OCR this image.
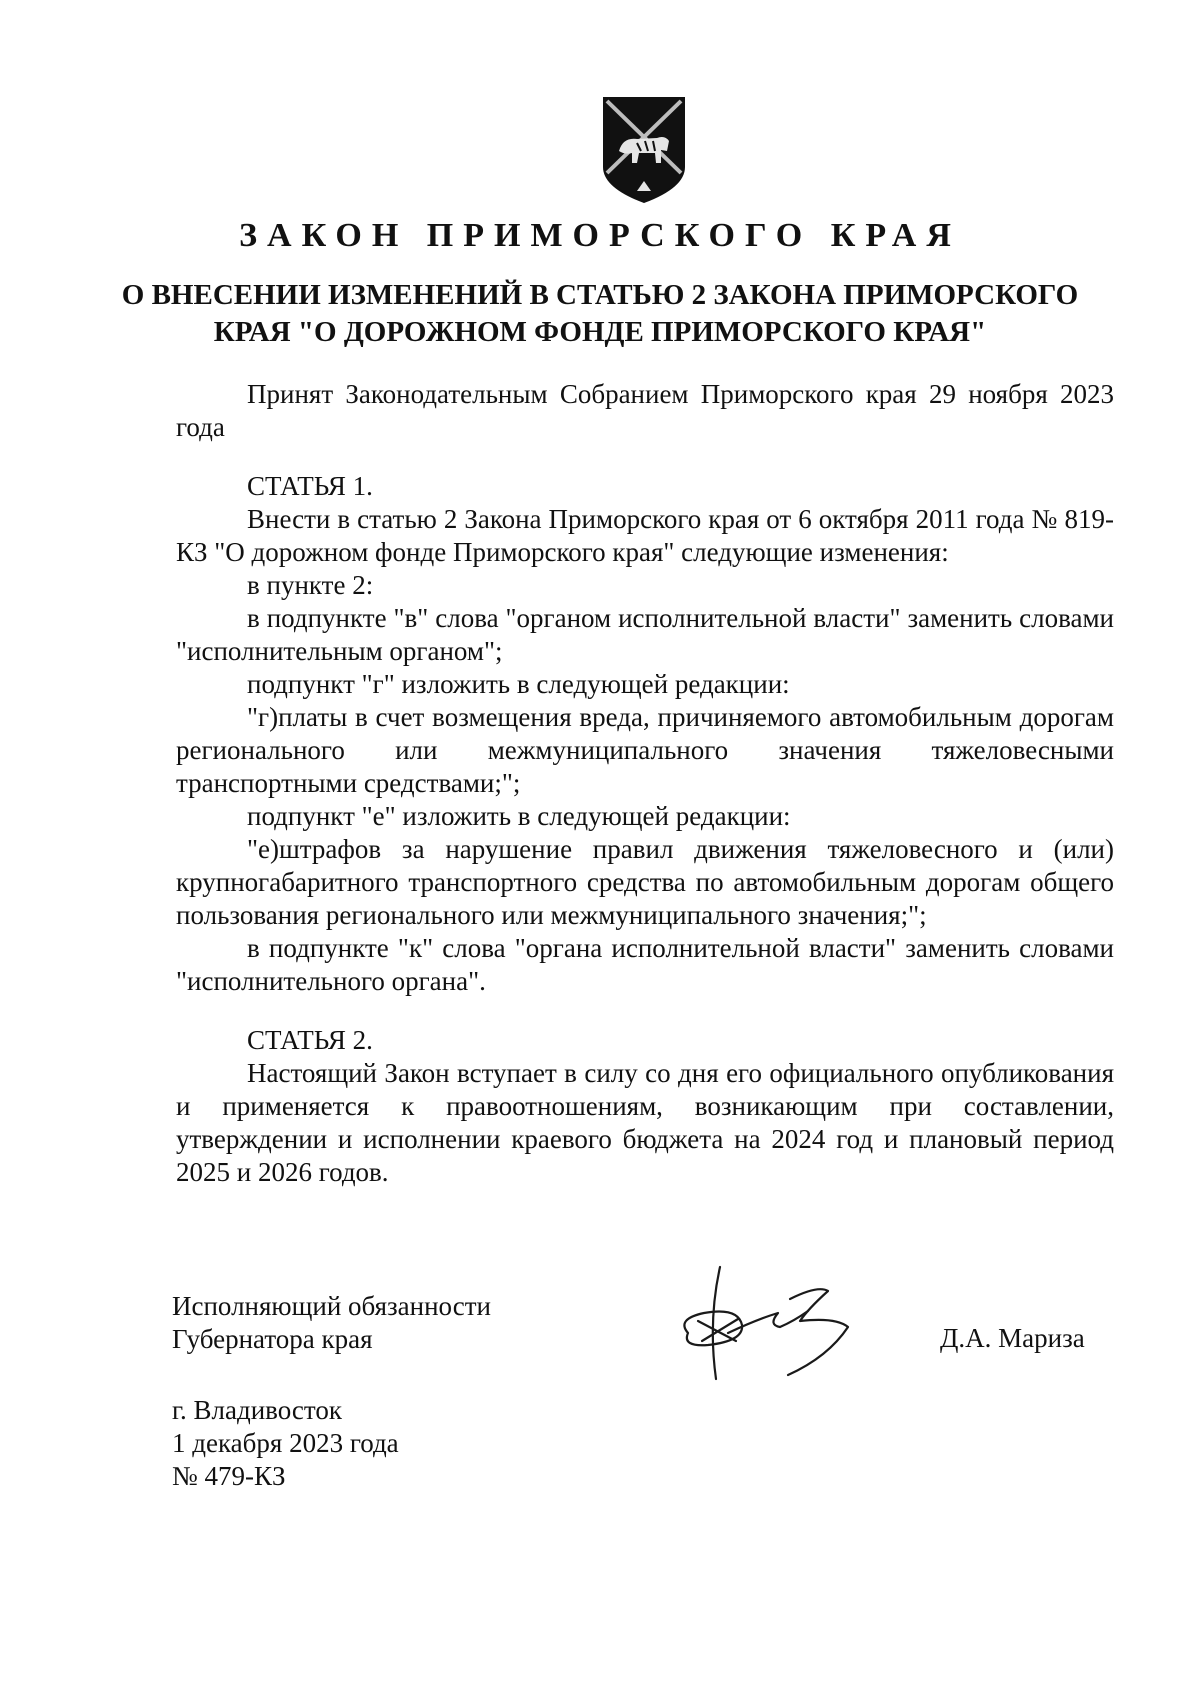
ЗАКОН ПРИМОРСКОГО КРАЯ
О ВНЕСЕНИИ ИЗМЕНЕНИЙ В СТАТЬЮ 2 ЗАКОНА ПРИМОРСКОГО
КРАЯ "О ДОРОЖНОМ ФОНДЕ ПРИМОРСКОГО КРАЯ"
Принят Законодательным Собранием Приморского края 29 ноября 2023 года
СТАТЬЯ 1.
Внести в статью 2 Закона Приморского края от 6 октября 2011 года № 819-КЗ "О дорожном фонде Приморского края" следующие изменения:
в пункте 2:
в подпункте "в" слова "органом исполнительной власти" заменить словами "исполнительным органом";
подпункт "г" изложить в следующей редакции:
"г)платы в счет возмещения вреда, причиняемого автомобильным дорогам регионального или межмуниципального значения тяжеловесными транспортными средствами;";
подпункт "е" изложить в следующей редакции:
"е)штрафов за нарушение правил движения тяжеловесного и (или) крупногабаритного транспортного средства по автомобильным дорогам общего пользования регионального или межмуниципального значения;";
в подпункте "к" слова "органа исполнительной власти" заменить словами "исполнительного органа".
СТАТЬЯ 2.
Настоящий Закон вступает в силу со дня его официального опубликования и применяется к правоотношениям, возникающим при составлении, утверждении и исполнении краевого бюджета на 2024 год и плановый период 2025 и 2026 годов.
Исполняющий обязанности
Губернатора края	Д.А. Мариза
г. Владивосток
1 декабря 2023 года
№ 479-КЗ
